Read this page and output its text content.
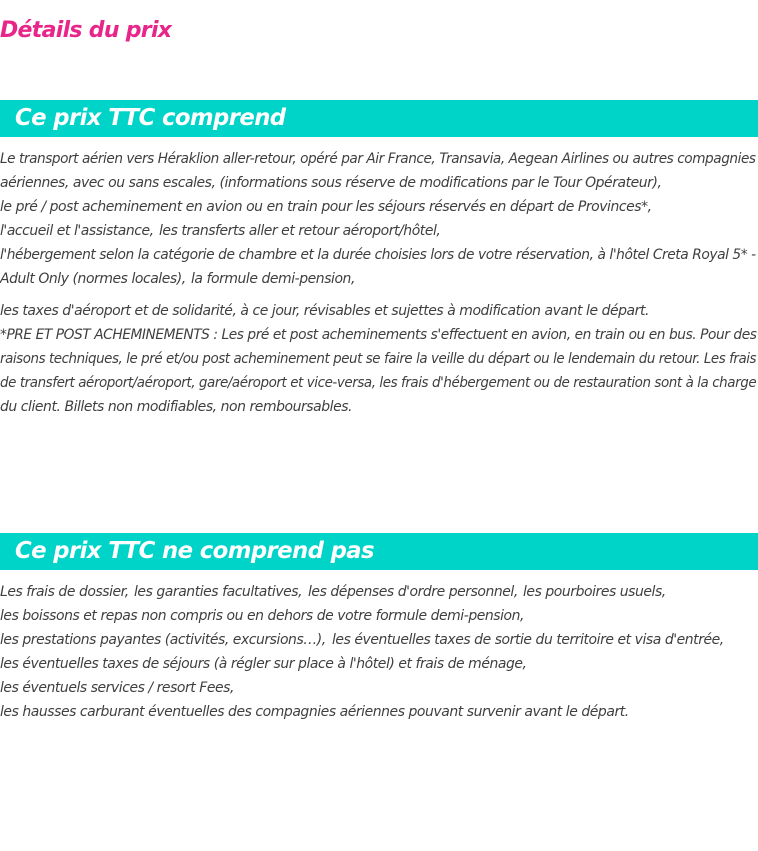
Détails du prix
Ce prix TTC comprend
Le transport aérien vers Héraklion aller-retour, opéré par Air France, Transavia, Aegean Airlines ou autres compagnies aériennes, avec ou sans escales, (informations sous réserve de modifications par le Tour Opérateur), le pré / post acheminement en avion ou en train pour les séjours réservés en départ de Provinces*, l'accueil et l'assistance, les transferts aller et retour aéroport/hôtel, l'hébergement selon la catégorie de chambre et la durée choisies lors de votre réservation, à l'hôtel Creta Royal 5* - Adult Only (normes locales), la formule demi-pension, les taxes d'aéroport et de solidarité, à ce jour, révisables et sujettes à modification avant le départ.  *PRE ET POST ACHEMINEMENTS : Les pré et post acheminements s'effectuent en avion, en train ou en bus. Pour des raisons techniques, le pré et/ou post acheminement peut se faire la veille du départ ou le lendemain du retour. Les frais de transfert aéroport/aéroport, gare/aéroport et vice-versa, les frais d'hébergement ou de restauration sont à la charge du client. Billets non modifiables, non remboursables.
Ce prix TTC ne comprend pas
Les frais de dossier, les garanties facultatives, les dépenses d'ordre personnel, les pourboires usuels, les boissons et repas non compris ou en dehors de votre formule demi-pension, les prestations payantes (activités, excursions…), les éventuelles taxes de sortie du territoire et visa d'entrée, les éventuelles taxes de séjours (à régler sur place à l'hôtel) et frais de ménage, les éventuels services / resort Fees, les hausses carburant éventuelles des compagnies aériennes pouvant survenir avant le départ.
